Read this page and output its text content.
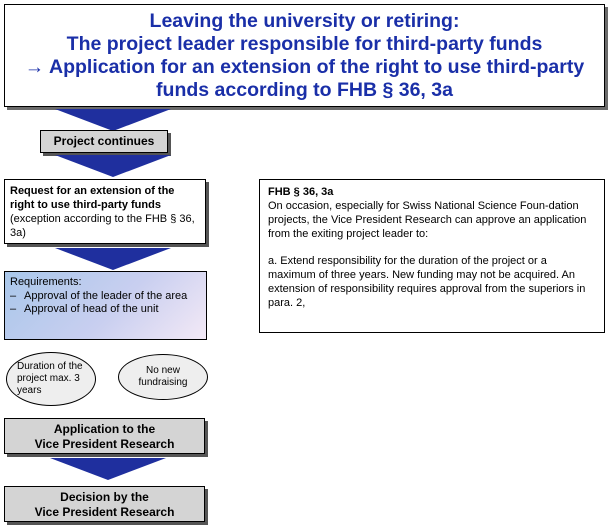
Leaving the university or retiring:
The project leader responsible for third-party funds
→ Application for an extension of the right to use third-party
funds according to FHB § 36, 3a
Project continues
Request for an extension of the right to use third-party funds
(exception according to the FHB § 36, 3a)
Requirements:
– Approval of the leader of the area
– Approval of head of the unit
Duration of the project max. 3 years
No new fundraising
Application to the
Vice President Research
Decision by the
Vice President Research
FHB § 36, 3a
On occasion, especially for Swiss National Science Foun-dation projects, the Vice President Research can approve an application from the exiting project leader to:
a. Extend responsibility for the duration of the project or a maximum of three years. New funding may not be acquired. An extension of responsibility requires approval from the superiors in para. 2,
